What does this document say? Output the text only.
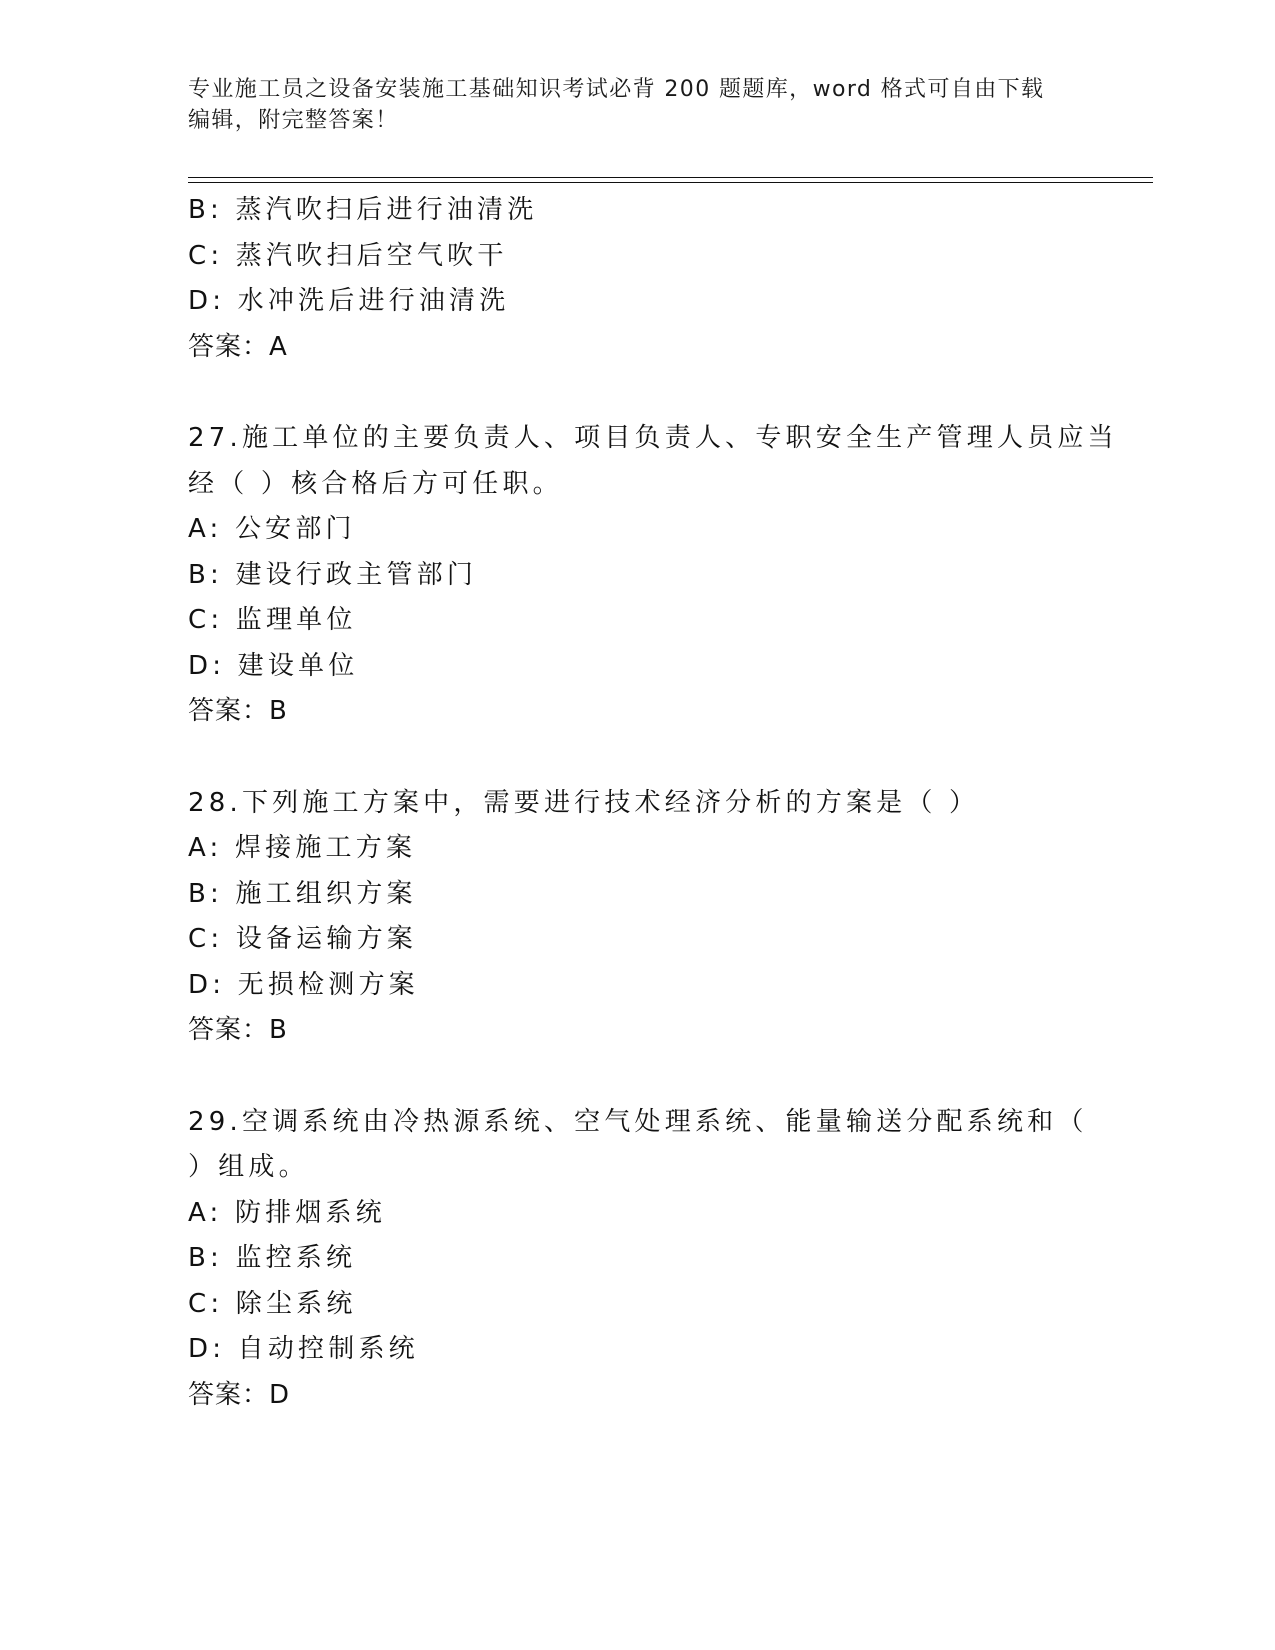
专业施工员之设备安装施工基础知识考试必背 200 题题库，word 格式可自由下载
编辑，附完整答案！
B: 蒸汽吹扫后进行油清洗
C: 蒸汽吹扫后空气吹干
D: 水冲洗后进行油清洗
答案：A
27.施工单位的主要负责人、项目负责人、专职安全生产管理人员应当
经（ ）核合格后方可任职。
A: 公安部门
B: 建设行政主管部门
C: 监理单位
D: 建设单位
答案：B
28.下列施工方案中，需要进行技术经济分析的方案是（ ）
A: 焊接施工方案
B: 施工组织方案
C: 设备运输方案
D: 无损检测方案
答案：B
29.空调系统由冷热源系统、空气处理系统、能量输送分配系统和（
）组成。
A: 防排烟系统
B: 监控系统
C: 除尘系统
D: 自动控制系统
答案：D
